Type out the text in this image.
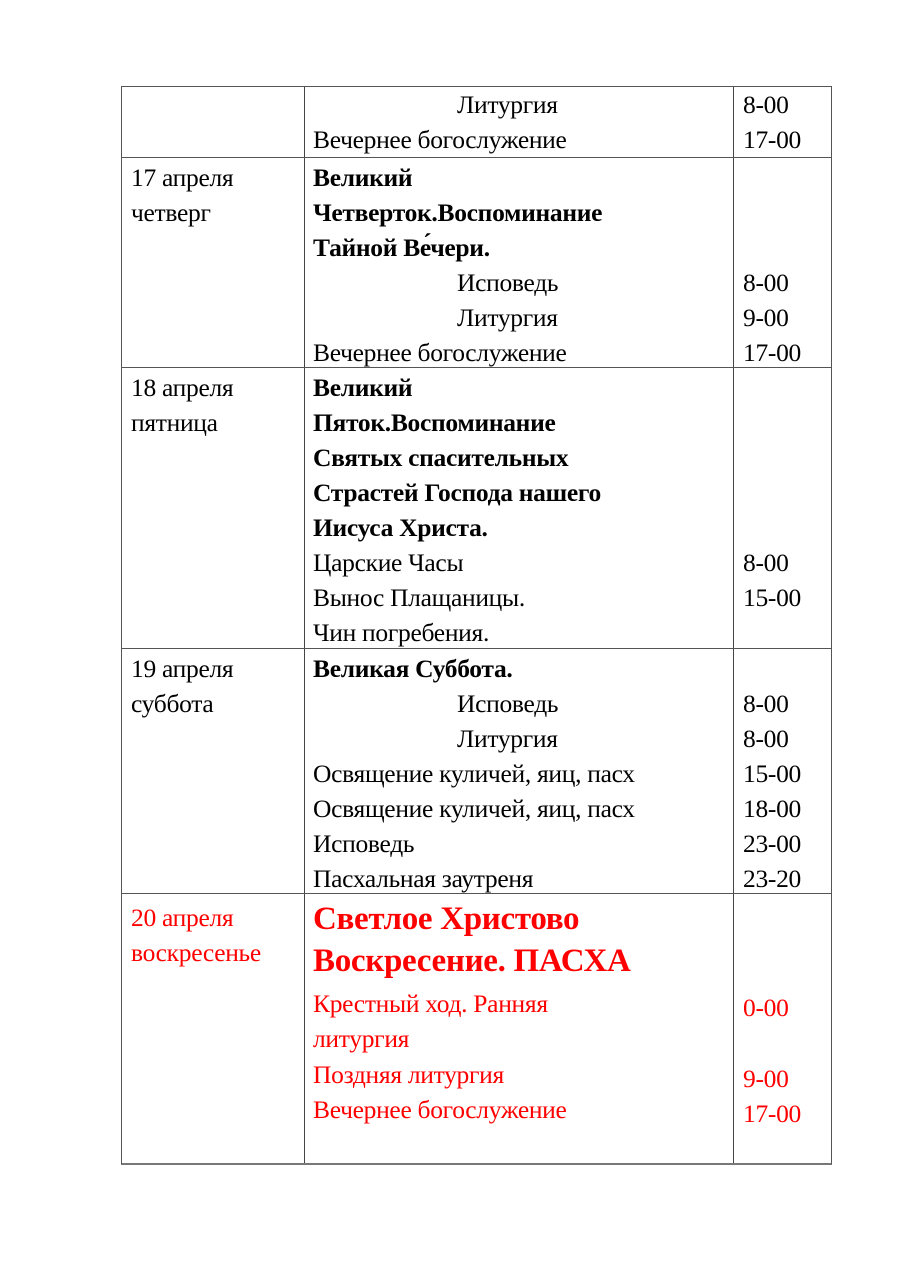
Литургия
Вечернее богослужение
8-00
17-00
17 апреля
четверг
Великий
Четверток.Воспоминание
Тайной Ве́чери.
Исповедь
Литургия
Вечернее богослужение
8-00
9-00
17-00
18 апреля
пятница
Великий
Пяток.Воспоминание
Святых спасительных
Страстей Господа нашего
Иисуса Христа.
Царские Часы
Вынос Плащаницы.
Чин погребения.
8-00
15-00
19 апреля
суббота
Великая Суббота.
Исповедь
Литургия
Освящение куличей, яиц, пасх
Освящение куличей, яиц, пасх
Исповедь
Пасхальная заутреня
8-00
8-00
15-00
18-00
23-00
23-20
20 апреля
воскресенье
Светлое Христово
Воскресение. ПАСХА
Крестный ход. Ранняя
литургия
Поздняя литургия
Вечернее богослужение
0-00
9-00
17-00
